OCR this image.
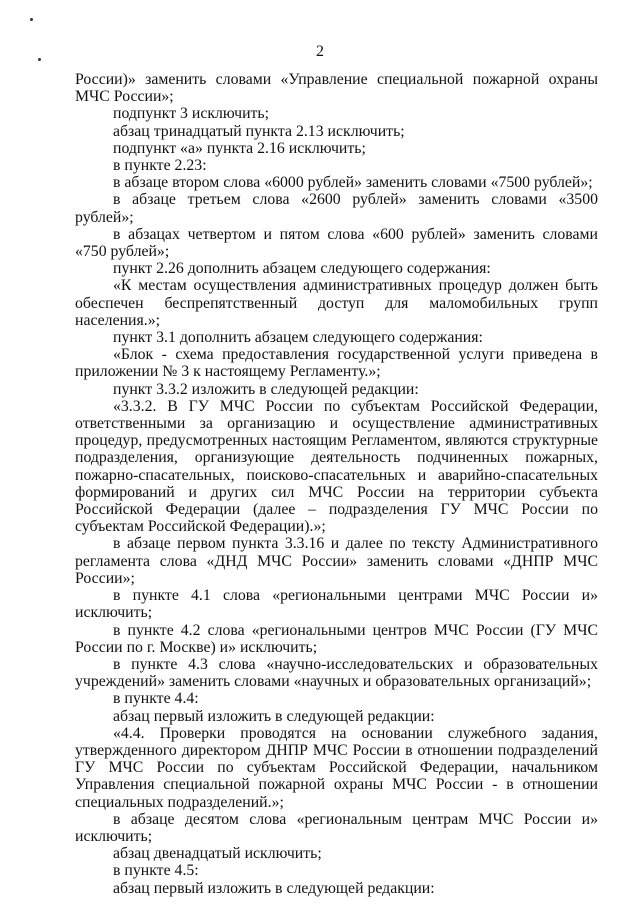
2

России)» заменить словами «Управление специальной пожарной охраны МЧС России»;

подпункт 3 исключить;

абзац тринадцатый пункта 2.13 исключить;

подпункт «а» пункта 2.16 исключить;

в пункте 2.23:

в абзаце втором слова «6000 рублей» заменить словами «7500 рублей»;

в абзаце третьем слова «2600 рублей» заменить словами «3500 рублей»;

в абзацах четвертом и пятом слова «600 рублей» заменить словами «750 рублей»;

пункт 2.26 дополнить абзацем следующего содержания:

«К местам осуществления административных процедур должен быть обеспечен беспрепятственный доступ для маломобильных групп населения.»;

пункт 3.1 дополнить абзацем следующего содержания:

«Блок - схема предоставления государственной услуги приведена в приложении № 3 к настоящему Регламенту.»;

пункт 3.3.2 изложить в следующей редакции:

«3.3.2. В ГУ МЧС России по субъектам Российской Федерации, ответственными за организацию и осуществление административных процедур, предусмотренных настоящим Регламентом, являются структурные подразделения, организующие деятельность подчиненных пожарных, пожарно-спасательных, поисково-спасательных и аварийно-спасательных формирований и других сил МЧС России на территории субъекта Российской Федерации (далее – подразделения ГУ МЧС России по субъектам Российской Федерации).»;

в абзаце первом пункта 3.3.16 и далее по тексту Административного регламента слова «ДНД МЧС России» заменить словами «ДНПР МЧС России»;

в пункте 4.1 слова «региональными центрами МЧС России и» исключить;

в пункте 4.2 слова «региональными центров МЧС России (ГУ МЧС России по г. Москве) и» исключить;

в пункте 4.3 слова «научно-исследовательских и образовательных учреждений» заменить словами «научных и образовательных организаций»;

в пункте 4.4:

абзац первый изложить в следующей редакции:

«4.4. Проверки проводятся на основании служебного задания, утвержденного директором ДНПР МЧС России в отношении подразделений ГУ МЧС России по субъектам Российской Федерации, начальником Управления специальной пожарной охраны МЧС России - в отношении специальных подразделений.»;

в абзаце десятом слова «региональным центрам МЧС России и» исключить;

абзац двенадцатый исключить;

в пункте 4.5:

абзац первый изложить в следующей редакции:
